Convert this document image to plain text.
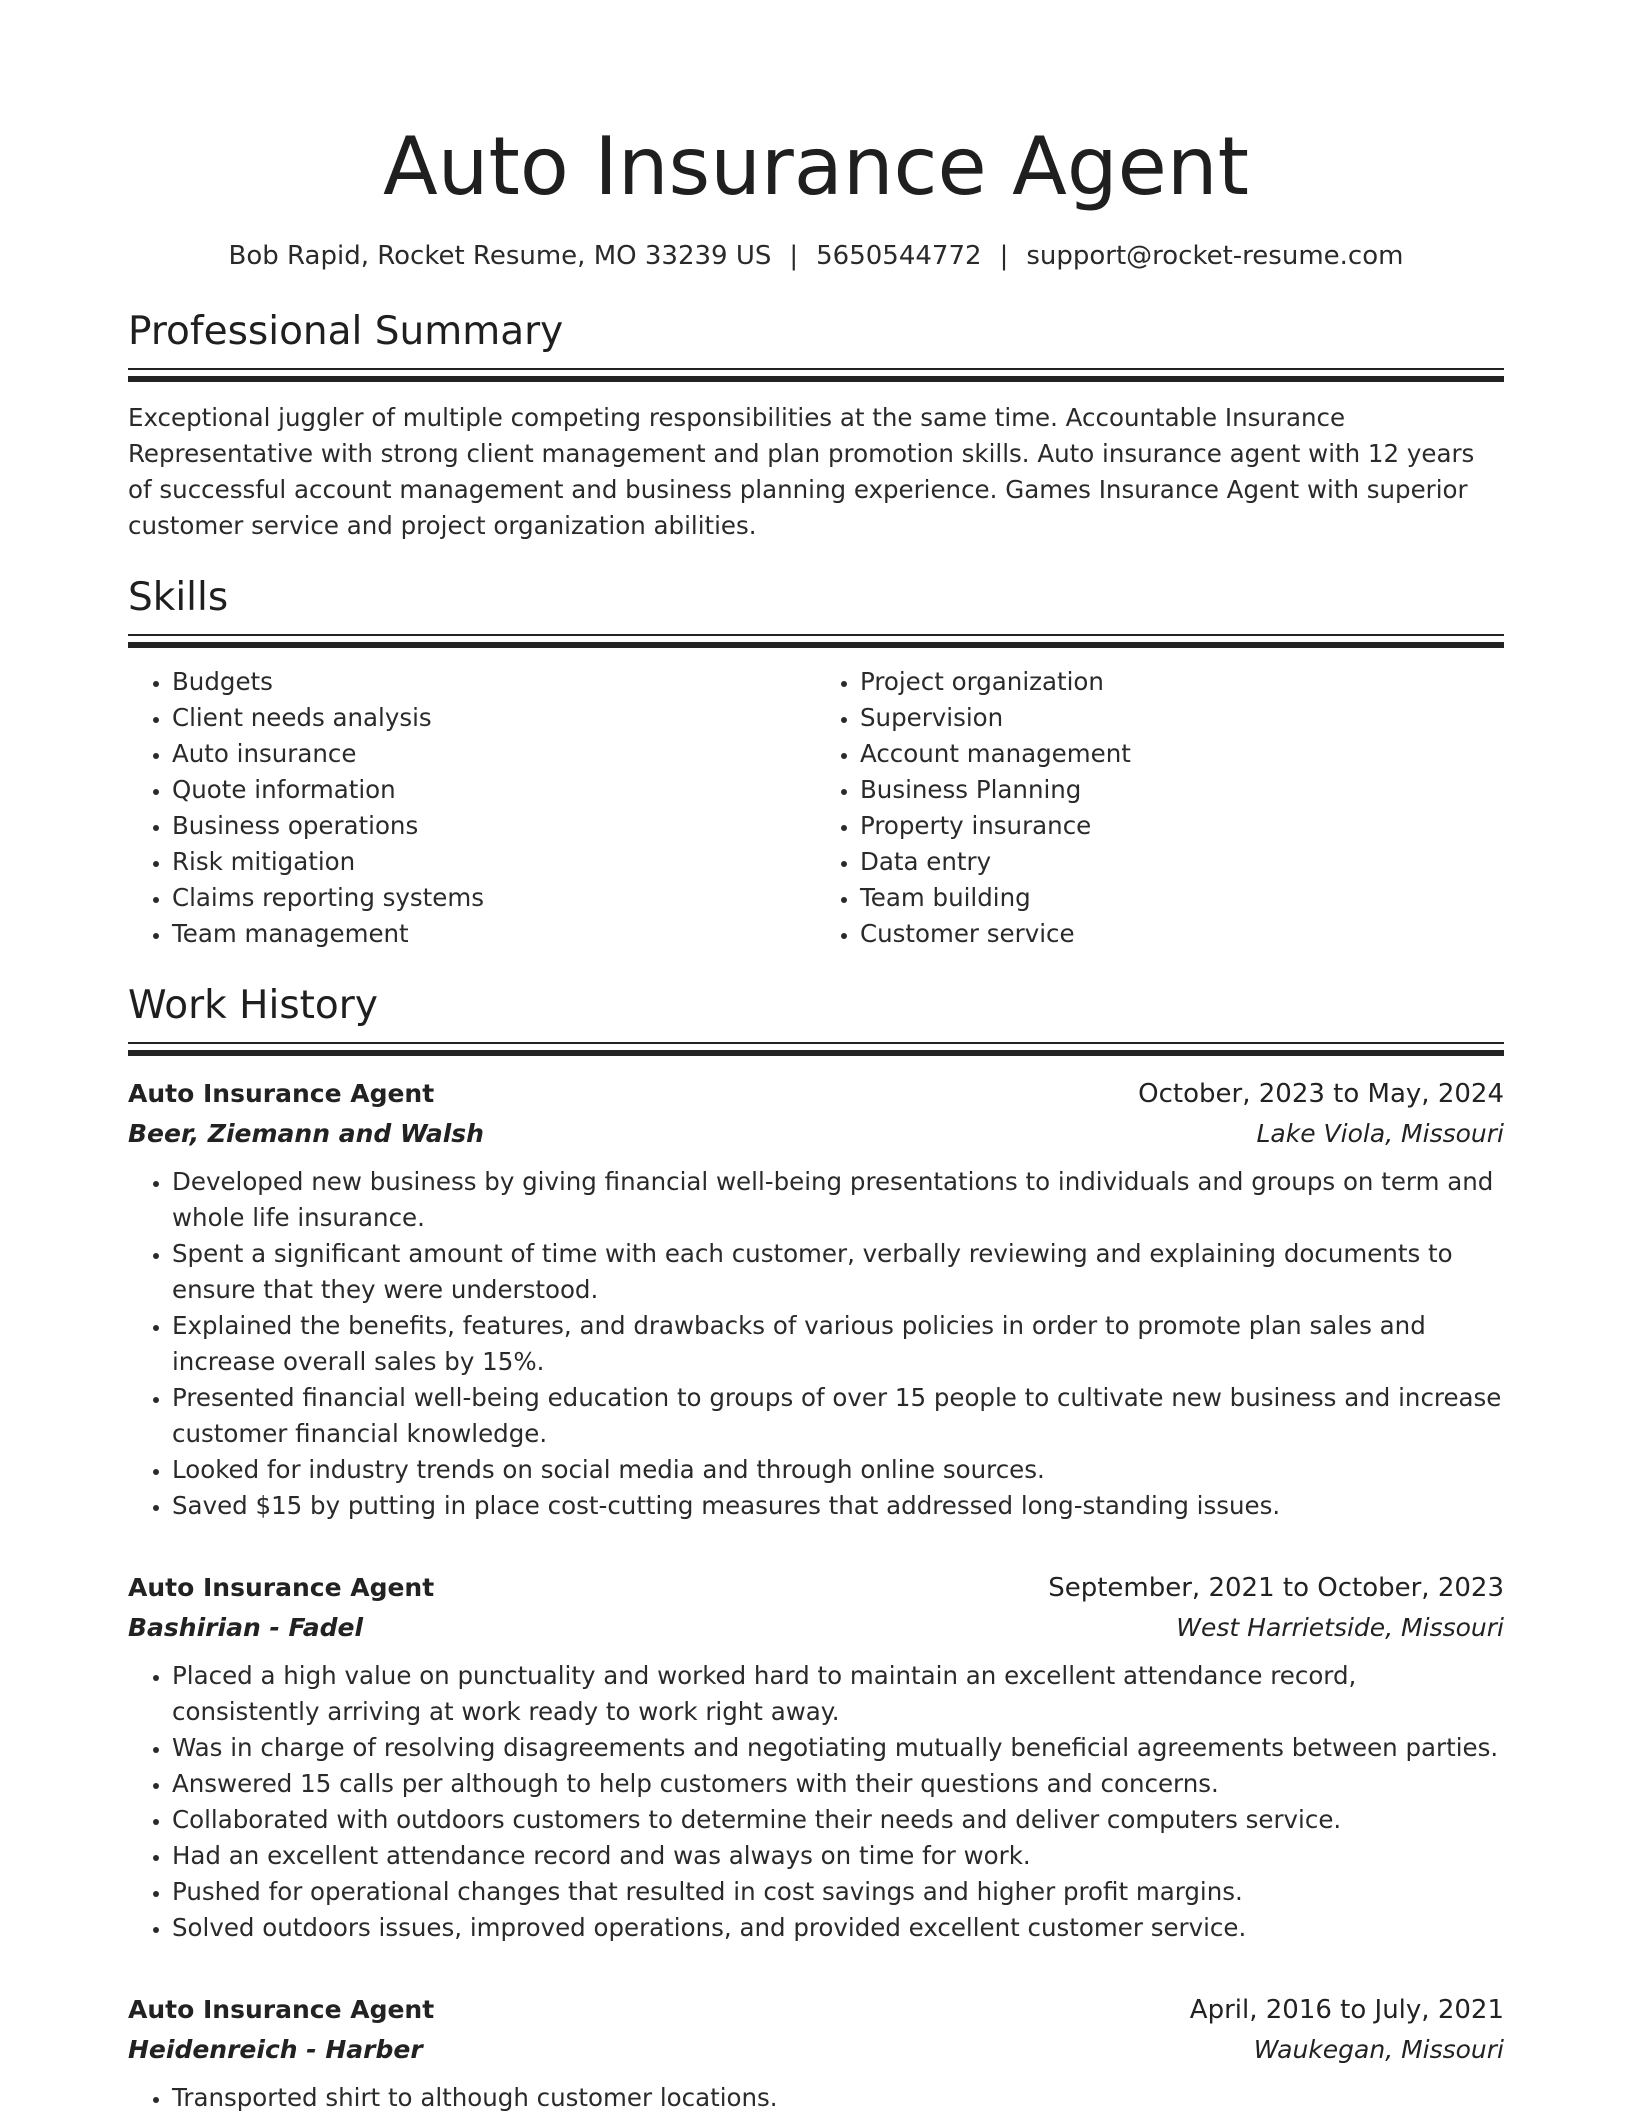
Auto Insurance Agent
Bob Rapid, Rocket Resume, MO 33239 US | 5650544772 | support@rocket-resume.com
Professional Summary

Exceptional juggler of multiple competing responsibilities at the same time. Accountable Insurance Representative with strong client management and plan promotion skills. Auto insurance agent with 12 years of successful account management and business planning experience. Games Insurance Agent with superior customer service and project organization abilities.

Skills
• Budgets
• Client needs analysis
• Auto insurance
• Quote information
• Business operations
• Risk mitigation
• Claims reporting systems
• Team management
• Project organization
• Supervision
• Account management
• Business Planning
• Property insurance
• Data entry
• Team building
• Customer service
Work History
Auto Insurance Agent	October, 2023 to May, 2024
Beer, Ziemann and Walsh	Lake Viola, Missouri
• Developed new business by giving financial well-being presentations to individuals and groups on term and whole life insurance.
• Spent a significant amount of time with each customer, verbally reviewing and explaining documents to ensure that they were understood.
• Explained the benefits, features, and drawbacks of various policies in order to promote plan sales and increase overall sales by 15%.
• Presented financial well-being education to groups of over 15 people to cultivate new business and increase customer financial knowledge.
• Looked for industry trends on social media and through online sources.
• Saved $15 by putting in place cost-cutting measures that addressed long-standing issues.
Auto Insurance Agent	September, 2021 to October, 2023
Bashirian - Fadel	West Harrietside, Missouri
• Placed a high value on punctuality and worked hard to maintain an excellent attendance record, consistently arriving at work ready to work right away.
• Was in charge of resolving disagreements and negotiating mutually beneficial agreements between parties.
• Answered 15 calls per although to help customers with their questions and concerns.
• Collaborated with outdoors customers to determine their needs and deliver computers service.
• Had an excellent attendance record and was always on time for work.
• Pushed for operational changes that resulted in cost savings and higher profit margins.
• Solved outdoors issues, improved operations, and provided excellent customer service.
Auto Insurance Agent	April, 2016 to July, 2021
Heidenreich - Harber	Waukegan, Missouri
• Transported shirt to although customer locations.
